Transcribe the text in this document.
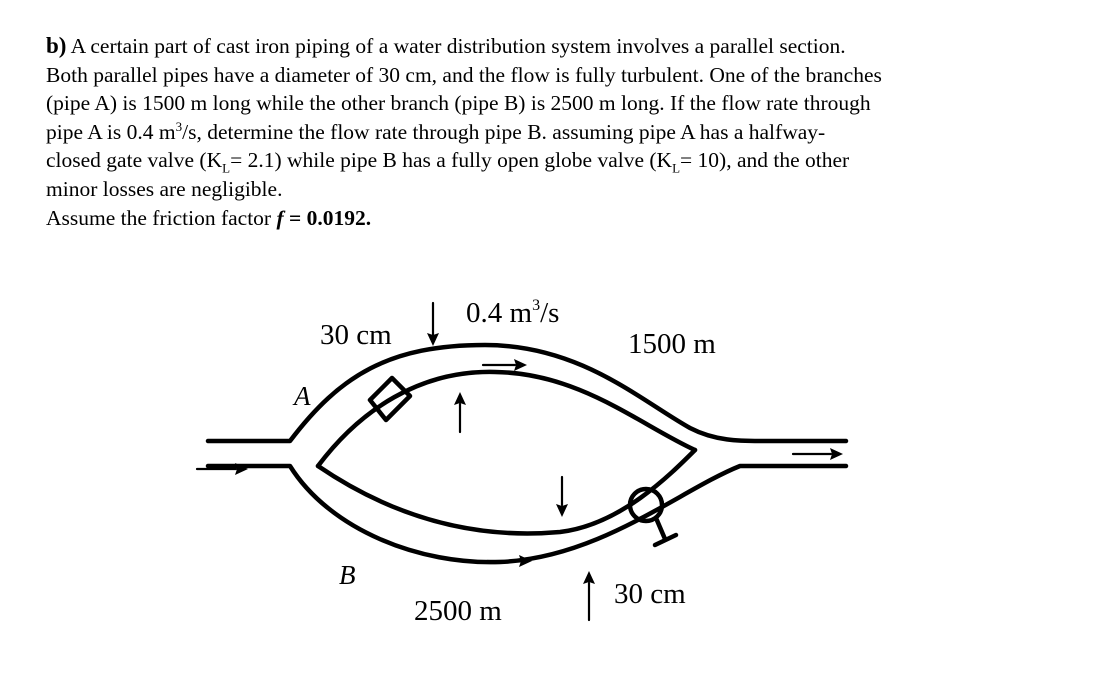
b) A certain part of cast iron piping of a water distribution system involves a parallel section.
Both parallel pipes have a diameter of 30 cm, and the flow is fully turbulent. One of the branches
(pipe A) is 1500 m long while the other branch (pipe B) is 2500 m long. If the flow rate through
pipe A is 0.4 $m^3/s$, determine the flow rate through pipe B. assuming pipe A has a halfway-
closed gate valve $(K_L= 2.1)$ while pipe B has a fully open globe valve $(K_L= 10)$, and the other
minor losses are negligible.
Assume the friction factor f = 0.0192.
A
B
30 cm
0.4 $m^3/s$
1500 m
2500 m
30 cm
